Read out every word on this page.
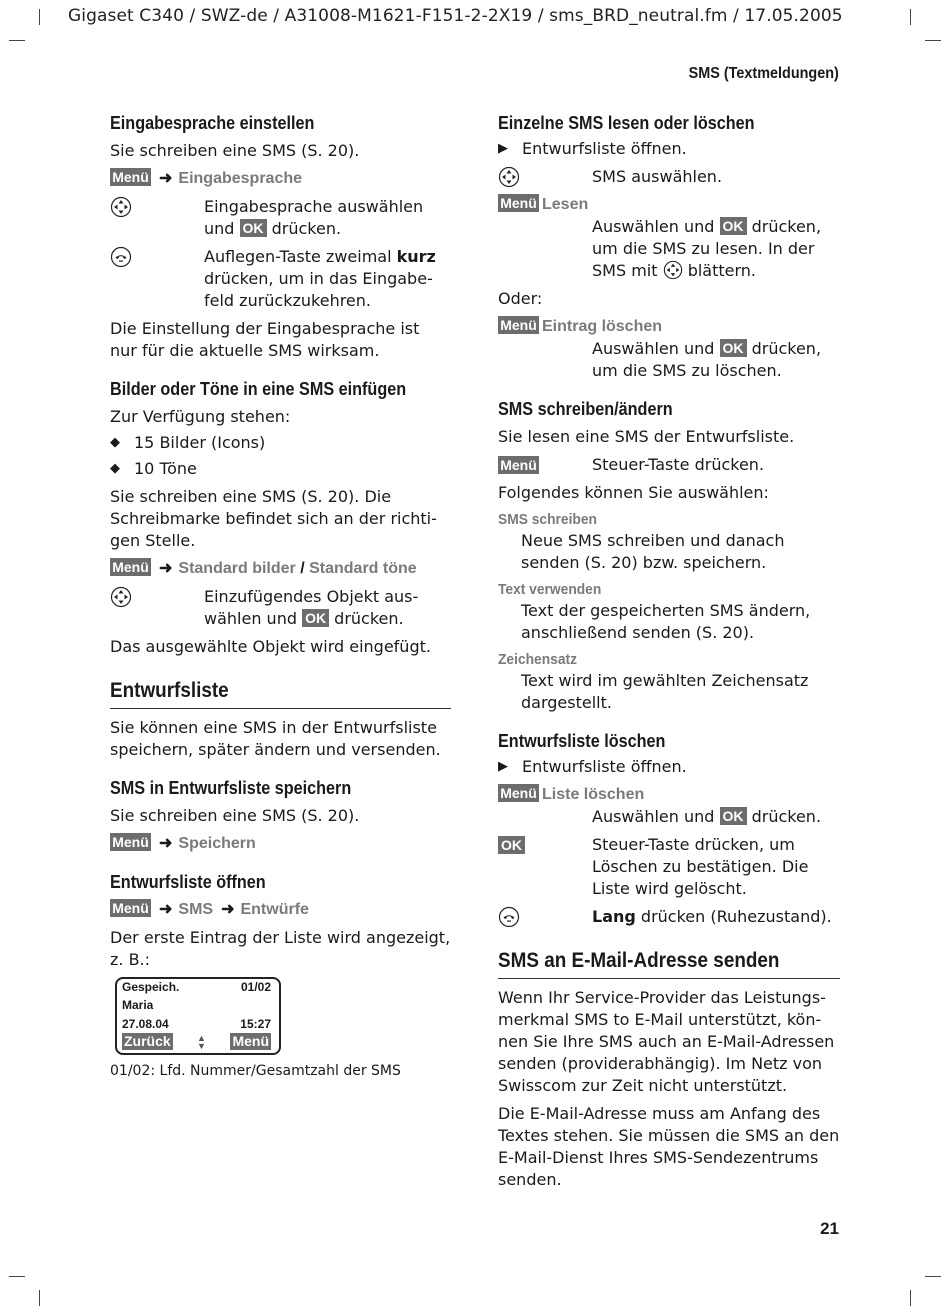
Gigaset C340 / SWZ-de / A31008-M1621-F151-2-2X19 / sms_BRD_neutral.fm / 17.05.2005
SMS (Textmeldungen)
21
Eingabesprache einstellen
Sie schreiben eine SMS (S. 20).
Menü ➜ Eingabesprache
Eingabesprache auswählen und OK drücken.
Auflegen-Taste zweimal kurz drücken, um in das Eingabe-feld zurückzukehren.
Die Einstellung der Eingabesprache ist nur für die aktuelle SMS wirksam.
Bilder oder Töne in eine SMS einfügen
Zur Verfügung stehen:
◆ 15 Bilder (Icons)
◆ 10 Töne
Sie schreiben eine SMS (S. 20). Die Schreibmarke befindet sich an der richti-gen Stelle.
Menü ➜ Standard bilder / Standard töne
Einzufügendes Objekt aus-wählen und OK drücken.
Das ausgewählte Objekt wird eingefügt.
Entwurfsliste
Sie können eine SMS in der Entwurfsliste speichern, später ändern und versenden.
SMS in Entwurfsliste speichern
Sie schreiben eine SMS (S. 20).
Menü ➜ Speichern
Entwurfsliste öffnen
Menü ➜ SMS ➜ Entwürfe
Der erste Eintrag der Liste wird angezeigt, z. B.:
Gespeich.	01/02
Maria
27.08.04	15:27
Zurück	Menü
▲
▼
01/02: Lfd. Nummer/Gesamtzahl der SMS
Einzelne SMS lesen oder löschen
▶ Entwurfsliste öffnen.
SMS auswählen.
Menü Lesen
Auswählen und OK drücken, um die SMS zu lesen. In der SMS mit  blättern.
Oder:
Menü Eintrag löschen
Auswählen und OK drücken, um die SMS zu löschen.
SMS schreiben/ändern
Sie lesen eine SMS der Entwurfsliste.
Menü	Steuer-Taste drücken.
Folgendes können Sie auswählen:
SMS schreiben
Neue SMS schreiben und danach senden (S. 20) bzw. speichern.
Text verwenden
Text der gespeicherten SMS ändern, anschließend senden (S. 20).
Zeichensatz
Text wird im gewählten Zeichensatz dargestellt.
Entwurfsliste löschen
▶ Entwurfsliste öffnen.
Menü Liste löschen
Auswählen und OK drücken.
OK	Steuer-Taste drücken, um Löschen zu bestätigen. Die Liste wird gelöscht.
Lang drücken (Ruhezustand).
SMS an E-Mail-Adresse senden
Wenn Ihr Service-Provider das Leistungs-merkmal SMS to E-Mail unterstützt, kön-nen Sie Ihre SMS auch an E-Mail-Adressen senden (providerabhängig). Im Netz von Swisscom zur Zeit nicht unterstützt.
Die E-Mail-Adresse muss am Anfang des Textes stehen. Sie müssen die SMS an den E-Mail-Dienst Ihres SMS-Sendezentrums senden.
